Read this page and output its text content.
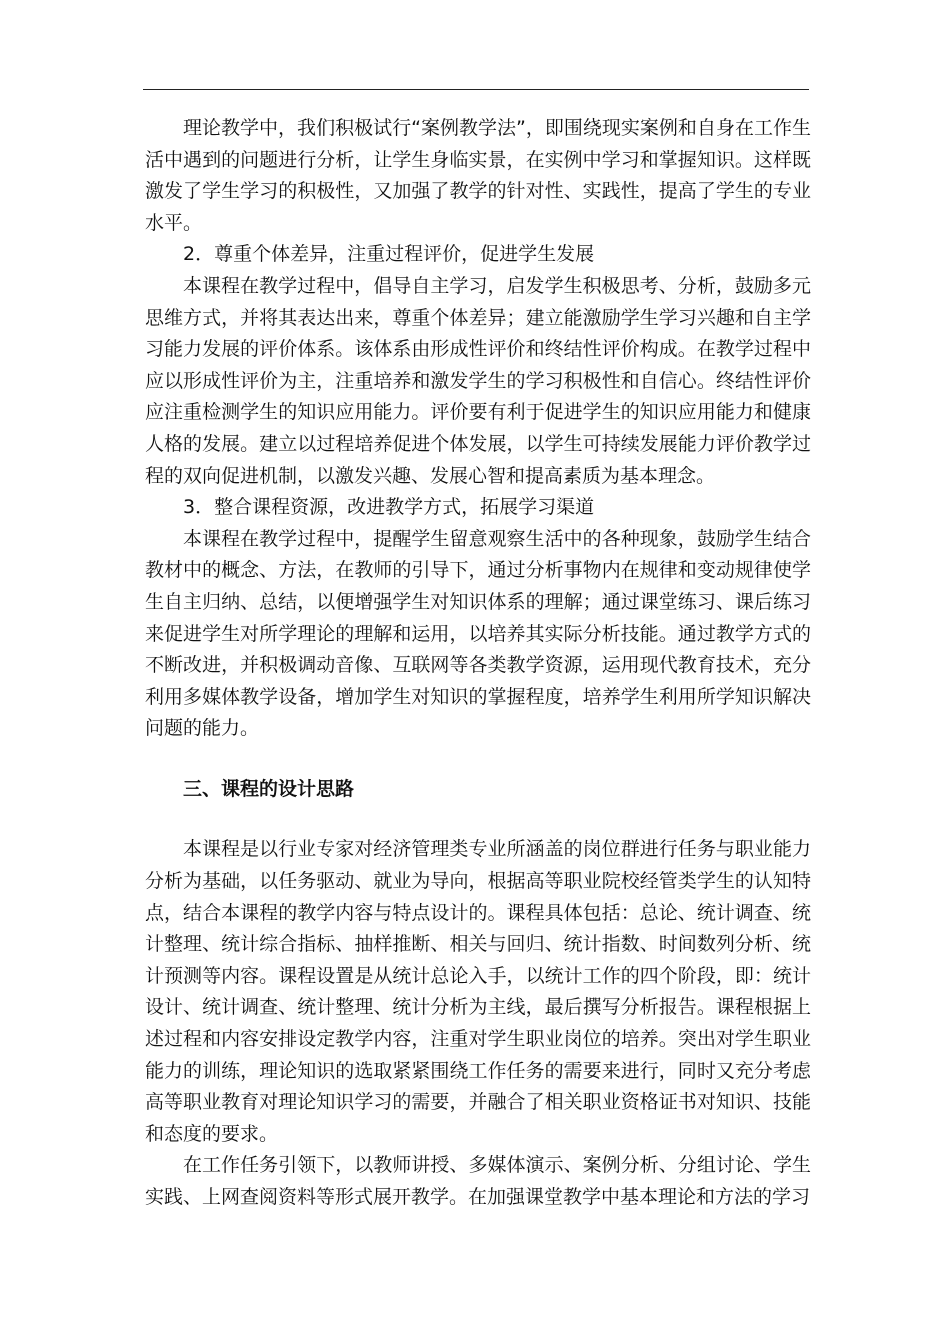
理论教学中，我们积极试行“案例教学法”，即围绕现实案例和自身在工作生活中遇到的问题进行分析，让学生身临实景，在实例中学习和掌握知识。这样既激发了学生学习的积极性，又加强了教学的针对性、实践性，提高了学生的专业水平。

2．尊重个体差异，注重过程评价，促进学生发展

本课程在教学过程中，倡导自主学习，启发学生积极思考、分析，鼓励多元思维方式，并将其表达出来，尊重个体差异；建立能激励学生学习兴趣和自主学习能力发展的评价体系。该体系由形成性评价和终结性评价构成。在教学过程中应以形成性评价为主，注重培养和激发学生的学习积极性和自信心。终结性评价应注重检测学生的知识应用能力。评价要有利于促进学生的知识应用能力和健康人格的发展。建立以过程培养促进个体发展，以学生可持续发展能力评价教学过程的双向促进机制，以激发兴趣、发展心智和提高素质为基本理念。

3．整合课程资源，改进教学方式，拓展学习渠道

本课程在教学过程中，提醒学生留意观察生活中的各种现象，鼓励学生结合教材中的概念、方法，在教师的引导下，通过分析事物内在规律和变动规律使学生自主归纳、总结，以便增强学生对知识体系的理解；通过课堂练习、课后练习来促进学生对所学理论的理解和运用，以培养其实际分析技能。通过教学方式的不断改进，并积极调动音像、互联网等各类教学资源，运用现代教育技术，充分利用多媒体教学设备，增加学生对知识的掌握程度，培养学生利用所学知识解决问题的能力。

三、课程的设计思路

本课程是以行业专家对经济管理类专业所涵盖的岗位群进行任务与职业能力分析为基础，以任务驱动、就业为导向，根据高等职业院校经管类学生的认知特点，结合本课程的教学内容与特点设计的。课程具体包括：总论、统计调查、统计整理、统计综合指标、抽样推断、相关与回归、统计指数、时间数列分析、统计预测等内容。课程设置是从统计总论入手，以统计工作的四个阶段，即：统计设计、统计调查、统计整理、统计分析为主线，最后撰写分析报告。课程根据上述过程和内容安排设定教学内容，注重对学生职业岗位的培养。突出对学生职业能力的训练，理论知识的选取紧紧围绕工作任务的需要来进行，同时又充分考虑高等职业教育对理论知识学习的需要，并融合了相关职业资格证书对知识、技能和态度的要求。

在工作任务引领下，以教师讲授、多媒体演示、案例分析、分组讨论、学生实践、上网查阅资料等形式展开教学。在加强课堂教学中基本理论和方法的学习
